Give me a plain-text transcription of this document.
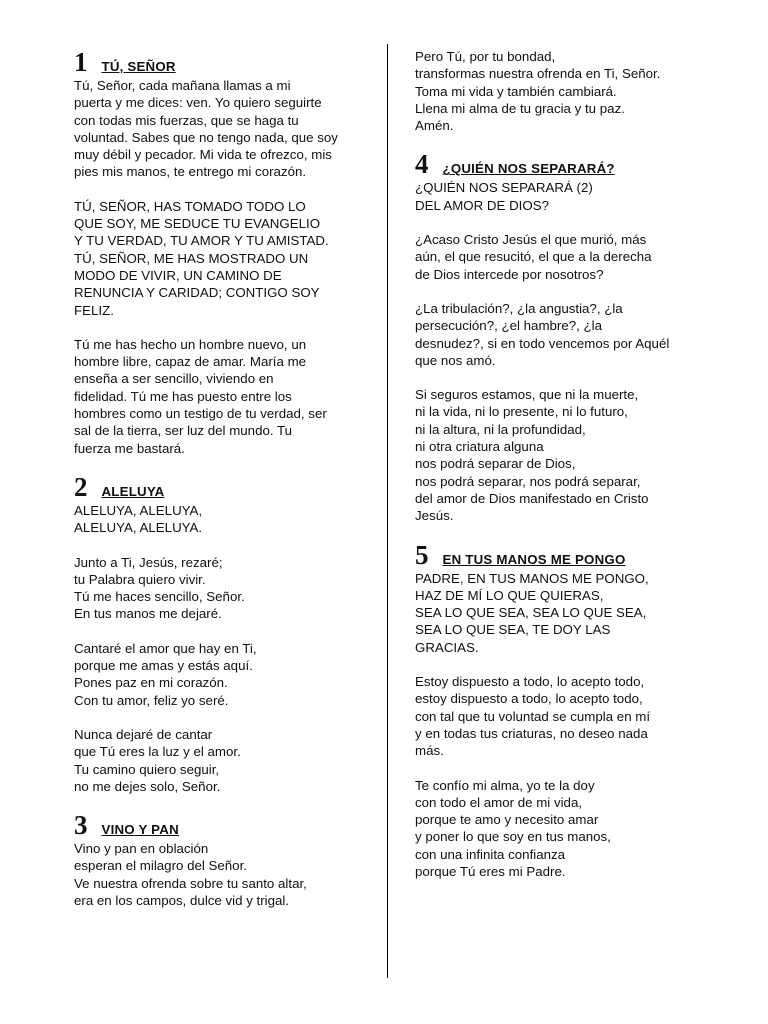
1 TÚ, SEÑOR
Tú, Señor, cada mañana llamas a mi
puerta y me dices: ven. Yo quiero seguirte
con todas mis fuerzas, que se haga tu
voluntad. Sabes que no tengo nada, que soy
muy débil y pecador. Mi vida te ofrezco, mis
pies mis manos, te entrego mi corazón.
TÚ, SEÑOR, HAS TOMADO TODO LO
QUE SOY, ME SEDUCE TU EVANGELIO
Y TU VERDAD, TU AMOR Y TU AMISTAD.
TÚ, SEÑOR, ME HAS MOSTRADO UN
MODO DE VIVIR, UN CAMINO DE
RENUNCIA Y CARIDAD; CONTIGO SOY
FELIZ.
Tú me has hecho un hombre nuevo, un
hombre libre, capaz de amar. María me
enseña a ser sencillo, viviendo en
fidelidad. Tú me has puesto entre los
hombres como un testigo de tu verdad, ser
sal de la tierra, ser luz del mundo. Tu
fuerza me bastará.
2 ALELUYA
ALELUYA, ALELUYA,
ALELUYA, ALELUYA.
Junto a Ti, Jesús, rezaré;
tu Palabra quiero vivir.
Tú me haces sencillo, Señor.
En tus manos me dejaré.
Cantaré el amor que hay en Ti,
porque me amas y estás aquí.
Pones paz en mi corazón.
Con tu amor, feliz yo seré.
Nunca dejaré de cantar
que Tú eres la luz y el amor.
Tu camino quiero seguir,
no me dejes solo, Señor.
3 VINO Y PAN
Vino y pan en oblación
esperan el milagro del Señor.
Ve nuestra ofrenda sobre tu santo altar,
era en los campos, dulce vid y trigal.
Pero Tú, por tu bondad,
transformas nuestra ofrenda en Ti, Señor.
Toma mi vida y también cambiará.
Llena mi alma de tu gracia y tu paz.
Amén.
4 ¿QUIÉN NOS SEPARARÁ?
¿QUIÉN NOS SEPARARÁ (2)
DEL AMOR DE DIOS?
¿Acaso Cristo Jesús el que murió, más
aún, el que resucitó, el que a la derecha
de Dios intercede por nosotros?
¿La tribulación?, ¿la angustia?, ¿la
persecución?, ¿el hambre?, ¿la
desnudez?, si en todo vencemos por Aquél
que nos amó.
Si seguros estamos, que ni la muerte,
ni la vida, ni lo presente, ni lo futuro,
ni la altura, ni la profundidad,
ni otra criatura alguna
nos podrá separar de Dios,
nos podrá separar, nos podrá separar,
del amor de Dios manifestado en Cristo
Jesús.
5 EN TUS MANOS ME PONGO
PADRE, EN TUS MANOS ME PONGO,
HAZ DE MÍ LO QUE QUIERAS,
SEA LO QUE SEA, SEA LO QUE SEA,
SEA LO QUE SEA, TE DOY LAS
GRACIAS.
Estoy dispuesto a todo, lo acepto todo,
estoy dispuesto a todo, lo acepto todo,
con tal que tu voluntad se cumpla en mí
y en todas tus criaturas, no deseo nada
más.
Te confío mi alma, yo te la doy
con todo el amor de mi vida,
porque te amo y necesito amar
y poner lo que soy en tus manos,
con una infinita confianza
porque Tú eres mi Padre.
